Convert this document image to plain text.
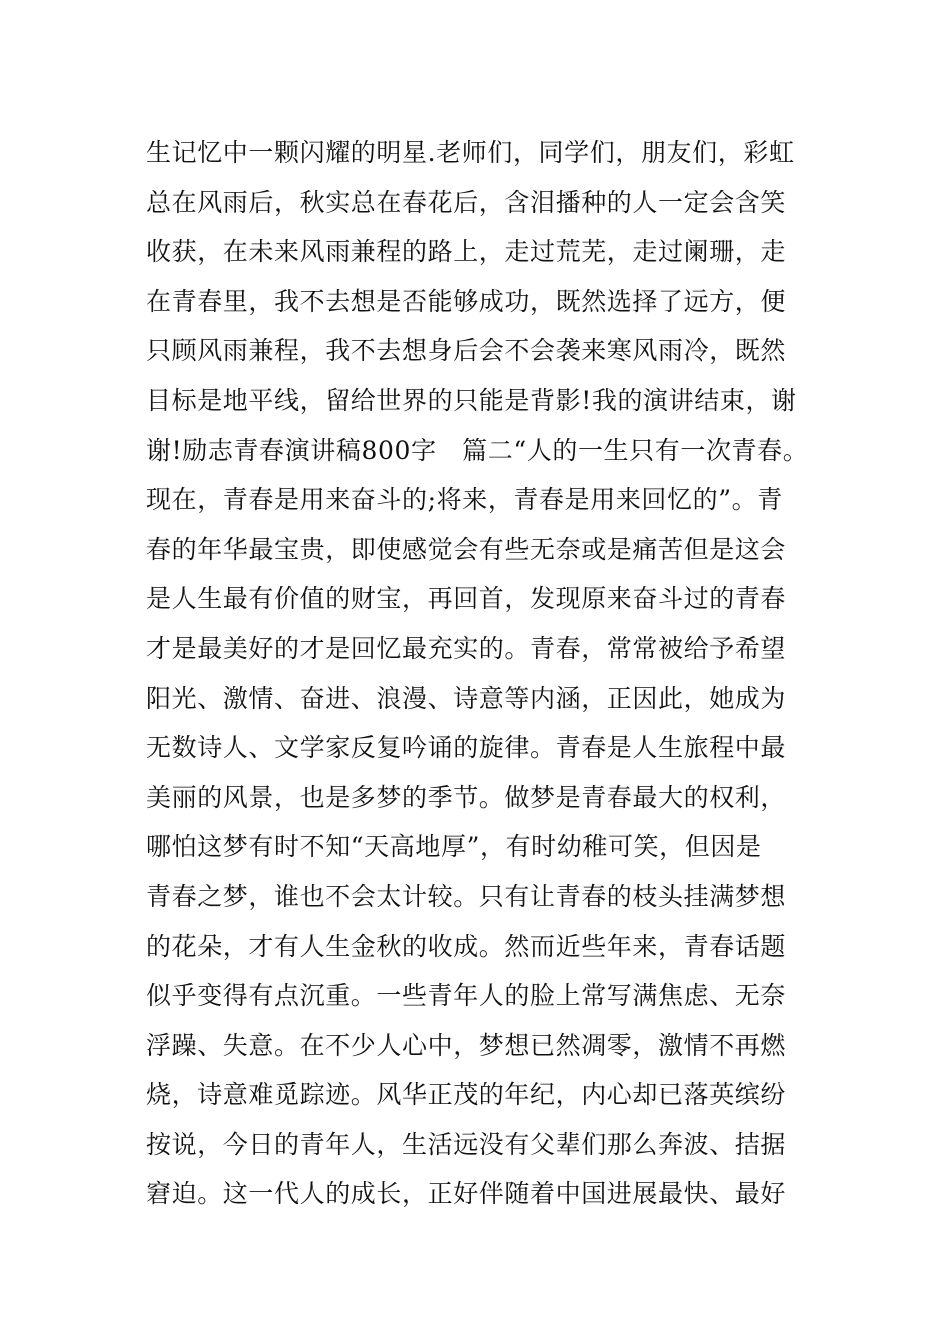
生记忆中一颗闪耀的明星.老师们，同学们，朋友们，彩虹
总在风雨后，秋实总在春花后，含泪播种的人一定会含笑
收获，在未来风雨兼程的路上，走过荒芜，走过阑珊，走
在青春里，我不去想是否能够成功，既然选择了远方，便
只顾风雨兼程，我不去想身后会不会袭来寒风雨冷，既然
目标是地平线，留给世界的只能是背影!我的演讲结束，谢
谢!励志青春演讲稿800字　篇二“人的一生只有一次青春。
现在，青春是用来奋斗的;将来，青春是用来回忆的”。青
春的年华最宝贵，即使感觉会有些无奈或是痛苦但是这会
是人生最有价值的财宝，再回首，发现原来奋斗过的青春
才是最美好的才是回忆最充实的。青春，常常被给予希望
阳光、激情、奋进、浪漫、诗意等内涵，正因此，她成为
无数诗人、文学家反复吟诵的旋律。青春是人生旅程中最
美丽的风景，也是多梦的季节。做梦是青春最大的权利，
哪怕这梦有时不知“天高地厚”，有时幼稚可笑，但因是
青春之梦，谁也不会太计较。只有让青春的枝头挂满梦想
的花朵，才有人生金秋的收成。然而近些年来，青春话题
似乎变得有点沉重。一些青年人的脸上常写满焦虑、无奈
浮躁、失意。在不少人心中，梦想已然凋零，激情不再燃
烧，诗意难觅踪迹。风华正茂的年纪，内心却已落英缤纷
按说，今日的青年人，生活远没有父辈们那么奔波、拮据
窘迫。这一代人的成长，正好伴随着中国进展最快、最好
